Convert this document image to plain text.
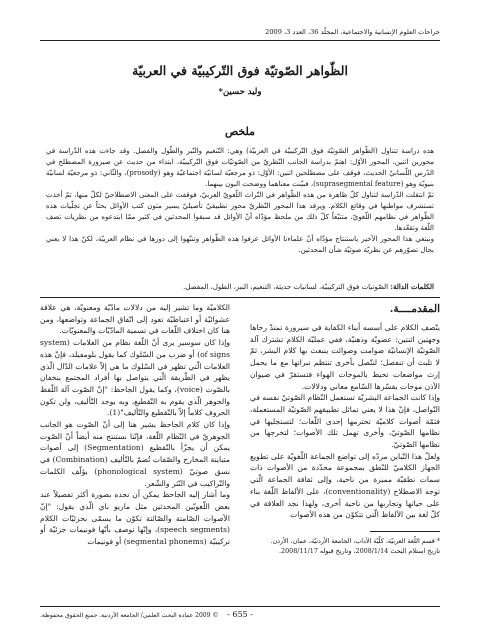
جراحات العلوم الإنسانية والاجتماعية، المجلّد 36، العدد 3، 2009
الظّواهر الصّوتيّة فوق التّركيبيّة في العربيّة
وليد حسين*
ملخص

هذه دراسة تتناول (الظّواهر الصّوتيّة فوق التّركيبيّة في العربيّة) وهي: التّنغيم والنّبر والطّول والفصل. وقد جاءت هذه الدّراسة في محورين اثنين، المحور الأوّل: اهتمّ بدراسة الجانب النّظريّ من الصّوتيّات فوق التّركيبيّة، ابتداء من حديث عن صيرورة المصطلح في الدّرس اللّسانيّ الحديث، فوقف على مصطلحين اثنين: الأوّل: ذو مرجعيّة لسانيّة اجتماعيّة وهو (prosody)، والثّاني: ذو مرجعيّة لسانيّة بنيويّة وهو (suprasegmental feature)، فبيّنت معناهما ووضحت البون بينهما.

ثمّ انتقلت الدّراسة لتناول كلّ ظاهرة من هذه الظّواهر في التّراث اللّغويّ العربيّ، فوقفت على المعنى الاصطلاحيّ لكلّ منها، ثمّ أخذت تستشرف مواطنها في وقائع الكلام. ويرفد هذا المحور النّظريّ محور تطبيقيّ تأصيليّ يسير متون كتب الأوائل بحثاً عن تجلّيات هذه الظّواهر في نظامهم اللّغويّ، متتبّعاً كلّ ذلك من ملحظ مؤدّاه أنّ الأوائل قد سبقوا المحدثين في كثير ممّا ابتدعوه من نظريات تصف اللّغة وتقعّدها.

ونبتغي هذا المحور الأخير باستنتاج مؤدّاه أنّ علماءنا الأوائل عرفوا هذه الظّواهر وتنبّهوا إلى دورها في نظام العربيّة، لكنّ هذا لا يعني بحال تصوّرهم عن نظريّة صوتيّة شأن المحدثين.

الكلمات الدالة: الصّوتيات فوق التركيبيّة، لسانيات حديثة، التنغيم، النبر، الطول، المفصل.
المقدمــــة.

يتّصف الكلام على أُسسه أبناء الكفاية في سيرورة تمتدّ رحاها وجهتين اثنتين: عضويّة وذهنيّة، ففي عمليّة الكلام تشترك آلة الصّوتيّة الإنسانيّة صوامت وصوائت ينبعث بها كلام البشر، ثمّ لا تلبث أن تنفصل؛ لتتّصل بأخرى تنتظم نبراتها مع ما يحمل إرث مواضعات تحيط بالموجات الهواء فتستقرّ في صيوان الأذن موجات يفسّرها السّامع معاني ودلالات.

وإذا كانت الجماعة البشريّة تستعمل النّظام الصّوتيّ نفسه في التّواصل، فإنّ هذا لا يعني تماثل تطبيقهم الصّوتيّة المستعملة، فثمّة أصوات كلاميّة تحترمها إحدى اللّغات؛ لتستجليها في نظامها الصّوتيّ، وأخرى تهمل تلك الأصوات؛ لتخرجها من نظامها الصّوتيّ.

ولعلّ هذا التّباين مردّه إلى تواضع الجماعة اللّغويّة على تطويع الجهاز الكلاميّ للنّطق بمجموعة محدّدة من الأصوات ذات سمات نطقيّة مميزة من ناحية، وإلى ثقافة الجماعة الّتي توجه الاصطلاح (conventionality)، على الألفاظ اللّغة بناء على حياتها وتجاربها من ناحية أخرى، ولهذا نجد العلاقة في كلّ لغة بين الألفاظ الّتي تتكوّن من هذه الأصوات

الكلاميّة وما تشير إليه من دلالات مادّيّة ومعنويّة، هي علاقة عشوائيّة أو اعتباطيّة تعود إلى اتّفاق الجماعة وتواضعها، ومن هنا كان اختلاف اللّغات في تسمية المادّيّات والمعنويّات.

وإذا كان سوسير يرى أنّ اللّغة نظام من العلامات (system of signs) أو ضرب من السّلوك كما يقول بلومفيلد، فإنّ هذه العلامات الّتي تظهر في السّلوك ما هي إلاّ علامات الدّال الّذي يظهر في الطّريقة الّتي يتواصل بها أفراد المجتمع ينخفان بالصّوت (voice)، وكما يقول الجاحظ: "إنّ الصّوت آلة اللّفظ والجوهر الّذي يقوم به التّقطيع، وبه يوجد التّأليف، ولن تكون الحروف كلاماً إلاّ بالتّقطيع والتّأليف"(1).

وإذا كان كلام الجاحظ يشير هنا إلى أنّ الصّوت هو الجانب الجوهريّ في النّظام اللّغة، فإنّنا نستنتج منه أيضاً أنّ الصّوت يمكن أن يجزّأ بالتّقطيع (Segmentation) إلى أصوات متباينة المخارج والصّفات تُضمّ بالتّأليف (Combination) في نسق صوتيّ (phonological system) يؤلّف الكلمات والتّراكيب في النّثر والشّعر.

وما أشار إليه الجاحظ يمكن أن نجده بصورة أكثر تفصيلاً عند بعض اللّغويّين المحدثين مثل ماريو باي الّذي يقول: "إنّ الأصوات الصّامتة والصّائتة تكوّن ما يسمّى بحزئيّات الكلام (speech segments)، وإنّها توصف بأنّها فونيمات جزئيّة أو تركيبيّة (segmental phonems) أو فونيمات	* قسم اللّغة العربيّة، كلّيّة الآداب، الجامعة الأردنيّة، عمان، الأردن.

تاريخ استلام البحث 2008/1/14، وتاريخ قبوله 2008/11/17.

- 655 -
© 2009 عمادة البحث العلمي/ الجامعة الأردنية. جميع الحقوق محفوظة.
